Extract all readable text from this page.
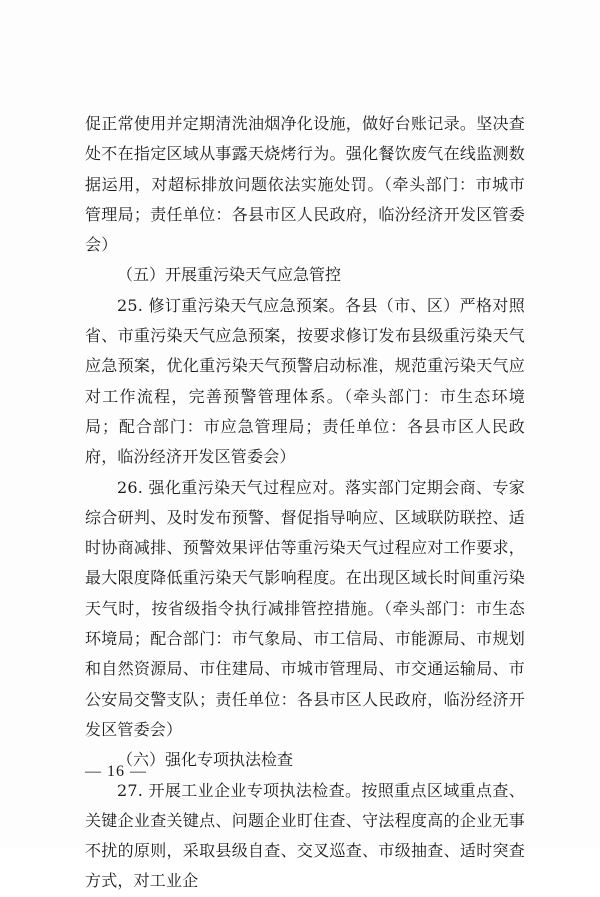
促正常使用并定期清洗油烟净化设施，做好台账记录。坚决查处不在指定区域从事露天烧烤行为。强化餐饮废气在线监测数据运用，对超标排放问题依法实施处罚。（牵头部门：市城市管理局；责任单位：各县市区人民政府，临汾经济开发区管委会）

（五）开展重污染天气应急管控

25. 修订重污染天气应急预案。各县（市、区）严格对照省、市重污染天气应急预案，按要求修订发布县级重污染天气应急预案，优化重污染天气预警启动标准，规范重污染天气应对工作流程，完善预警管理体系。（牵头部门：市生态环境局；配合部门：市应急管理局；责任单位：各县市区人民政府，临汾经济开发区管委会）

26. 强化重污染天气过程应对。落实部门定期会商、专家综合研判、及时发布预警、督促指导响应、区域联防联控、适时协商减排、预警效果评估等重污染天气过程应对工作要求，最大限度降低重污染天气影响程度。在出现区域长时间重污染天气时，按省级指令执行减排管控措施。（牵头部门：市生态环境局；配合部门：市气象局、市工信局、市能源局、市规划和自然资源局、市住建局、市城市管理局、市交通运输局、市公安局交警支队；责任单位：各县市区人民政府，临汾经济开发区管委会）

（六）强化专项执法检查

27. 开展工业企业专项执法检查。按照重点区域重点查、关键企业查关键点、问题企业盯住查、守法程度高的企业无事不扰的原则，采取县级自查、交叉巡查、市级抽查、适时突查方式，对工业企

— 16 —
